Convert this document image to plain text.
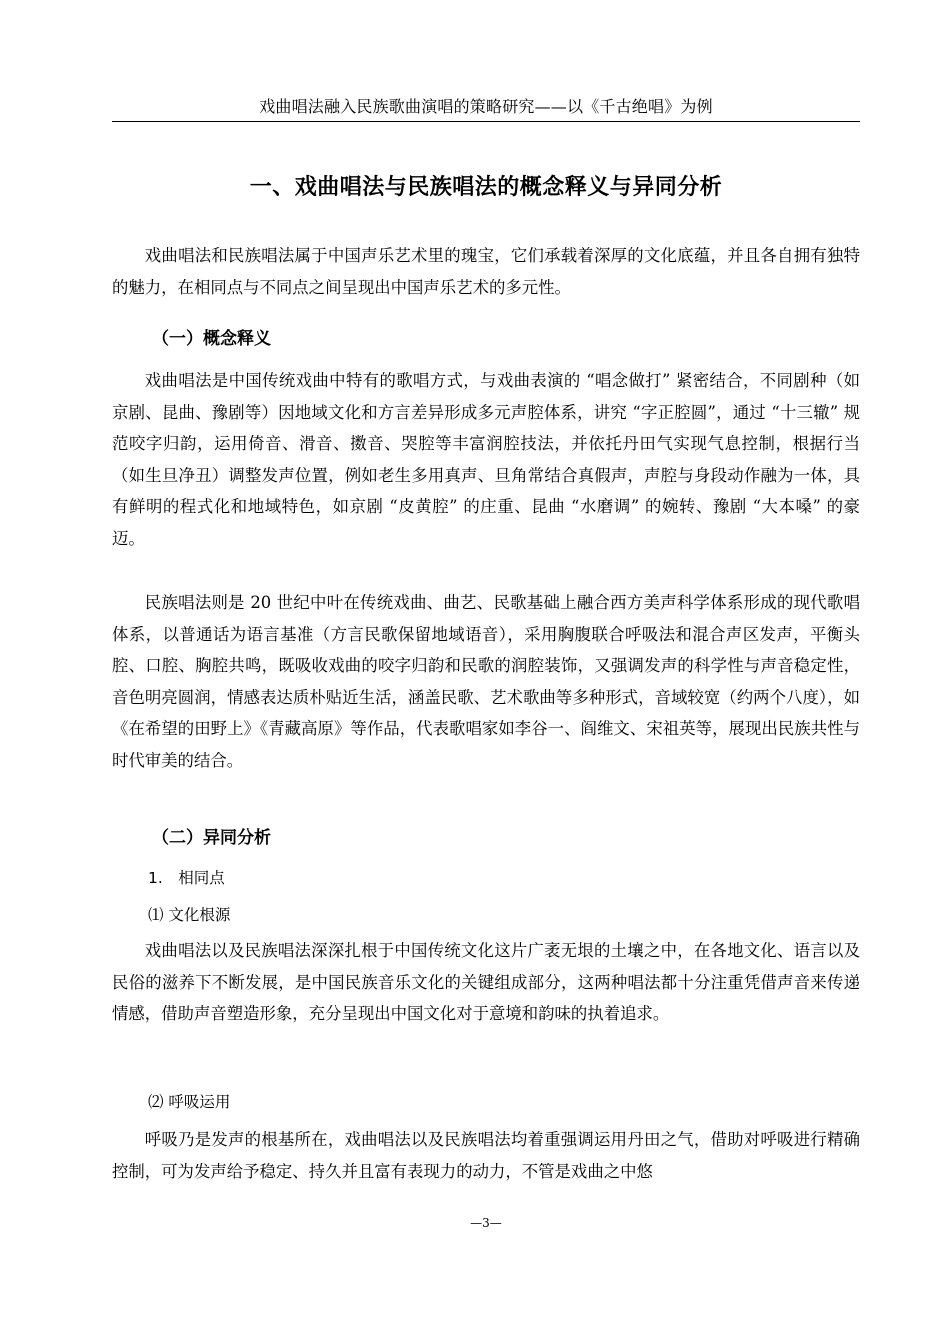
戏曲唱法融入民族歌曲演唱的策略研究——以《千古绝唱》为例
一、戏曲唱法与民族唱法的概念释义与异同分析

戏曲唱法和民族唱法属于中国声乐艺术里的瑰宝，它们承载着深厚的文化底蕴，并且各自拥有独特的魅力，在相同点与不同点之间呈现出中国声乐艺术的多元性。

（一）概念释义

戏曲唱法是中国传统戏曲中特有的歌唱方式，与戏曲表演的 “唱念做打” 紧密结合，不同剧种（如京剧、昆曲、豫剧等）因地域文化和方言差异形成多元声腔体系，讲究 “字正腔圆”，通过 “十三辙” 规范咬字归韵，运用倚音、滑音、擞音、哭腔等丰富润腔技法，并依托丹田气实现气息控制，根据行当（如生旦净丑）调整发声位置，例如老生多用真声、旦角常结合真假声，声腔与身段动作融为一体，具有鲜明的程式化和地域特色，如京剧 “皮黄腔” 的庄重、昆曲 “水磨调” 的婉转、豫剧 “大本嗓” 的豪迈。

民族唱法则是 20 世纪中叶在传统戏曲、曲艺、民歌基础上融合西方美声科学体系形成的现代歌唱体系，以普通话为语言基准（方言民歌保留地域语音），采用胸腹联合呼吸法和混合声区发声，平衡头腔、口腔、胸腔共鸣，既吸收戏曲的咬字归韵和民歌的润腔装饰，又强调发声的科学性与声音稳定性，音色明亮圆润，情感表达质朴贴近生活，涵盖民歌、艺术歌曲等多种形式，音域较宽（约两个八度），如《在希望的田野上》《青藏高原》等作品，代表歌唱家如李谷一、阎维文、宋祖英等，展现出民族共性与时代审美的结合。

（二）异同分析
1.　相同点
⑴ 文化根源

戏曲唱法以及民族唱法深深扎根于中国传统文化这片广袤无垠的土壤之中，在各地文化、语言以及民俗的滋养下不断发展，是中国民族音乐文化的关键组成部分，这两种唱法都十分注重凭借声音来传递情感，借助声音塑造形象，充分呈现出中国文化对于意境和韵味的执着追求。

⑵ 呼吸运用

呼吸乃是发声的根基所在，戏曲唱法以及民族唱法均着重强调运用丹田之气，借助对呼吸进行精确控制，可为发声给予稳定、持久并且富有表现力的动力，不管是戏曲之中悠

—3—
